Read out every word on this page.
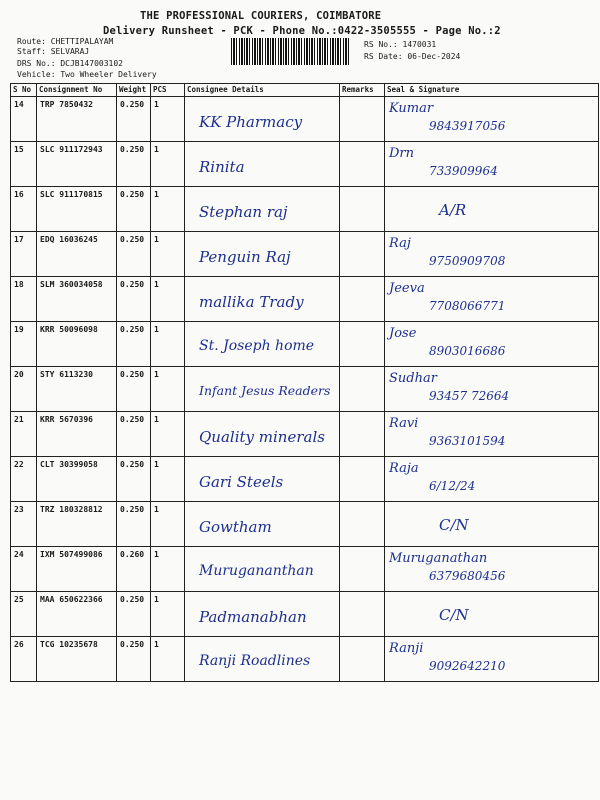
THE PROFESSIONAL COURIERS, COIMBATORE
Delivery Runsheet - PCK - Phone No.:0422-3505555 - Page No.:2
Route: CHETTIPALAYAM
Staff: SELVARAJ
DRS No.: DCJB147003102
Vehicle: Two Wheeler Delivery
RS No.: 1470031
RS Date: 06-Dec-2024
S No	Consignment No	Weight	PCS	Consignee Details	Remarks	Seal & Signature
14	TRP 7850432	0.250	1	KK Pharmacy		Kumar
9843917056

15	SLC 911172943	0.250	1	Rinita		Drn
733909964

16	SLC 911170815	0.250	1	Stephan raj		A/R

17	EDQ 16036245	0.250	1	Penguin Raj		Raj
9750909708

18	SLM 360034058	0.250	1	mallika Trady		Jeeva
7708066771

19	KRR 50096098	0.250	1	St. Joseph home		Jose
8903016686

20	STY 6113230	0.250	1	Infant Jesus Readers		Sudhar
93457 72664

21	KRR 5670396	0.250	1	Quality minerals		Ravi
9363101594

22	CLT 30399058	0.250	1	Gari Steels		Raja
6/12/24

23	TRZ 180328812	0.250	1	Gowtham		C/N

24	IXM 507499086	0.260	1	Murugananthan		Muruganathan
6379680456

25	MAA 650622366	0.250	1	Padmanabhan		C/N

26	TCG 10235678	0.250	1	Ranji Roadlines		Ranji
9092642210
